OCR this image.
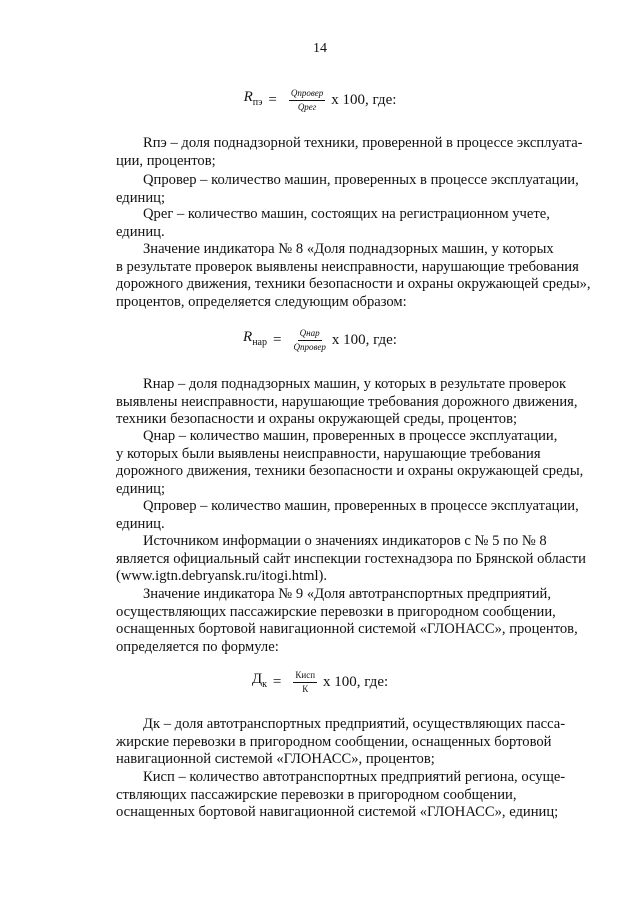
14
$R_{пэ} = \frac{\text{Qпровер}}{\text{Qрег}}$ x 100, где:
Rпэ – доля поднадзорной техники, проверенной в процессе эксплуата-
ции, процентов;
Qпровер – количество машин, проверенных в процессе эксплуатации,
единиц;
Qрег – количество машин, состоящих на регистрационном учете,
единиц.
Значение индикатора № 8 «Доля поднадзорных машин, у которых
в результате проверок выявлены неисправности, нарушающие требования
дорожного движения, техники безопасности и охраны окружающей среды»,
процентов, определяется следующим образом:
$R_{нар} = \frac{\text{Qнар}}{\text{Qпровер}}$ x 100, где:
Rнар – доля поднадзорных машин, у которых в результате проверок
выявлены неисправности, нарушающие требования дорожного движения,
техники безопасности и охраны окружающей среды, процентов;
Qнар – количество машин, проверенных в процессе эксплуатации,
у которых были выявлены неисправности, нарушающие требования
дорожного движения, техники безопасности и охраны окружающей среды,
единиц;
Qпровер – количество машин, проверенных в процессе эксплуатации,
единиц.
Источником информации о значениях индикаторов с № 5 по № 8
является официальный сайт инспекции гостехнадзора по Брянской области
(www.igtn.debryansk.ru/itogi.html).
Значение индикатора № 9 «Доля автотранспортных предприятий,
осуществляющих пассажирские перевозки в пригородном сообщении,
оснащенных бортовой навигационной системой «ГЛОНАСС», процентов,
определяется по формуле:
$Д_к = \frac{\text{Кисп}}{К}$ x 100, где:
Дк – доля автотранспортных предприятий, осуществляющих пасса-
жирские перевозки в пригородном сообщении, оснащенных бортовой
навигационной системой «ГЛОНАСС», процентов;
Кисп – количество автотранспортных предприятий региона, осуще-
ствляющих пассажирские перевозки в пригородном сообщении,
оснащенных бортовой навигационной системой «ГЛОНАСС», единиц;
